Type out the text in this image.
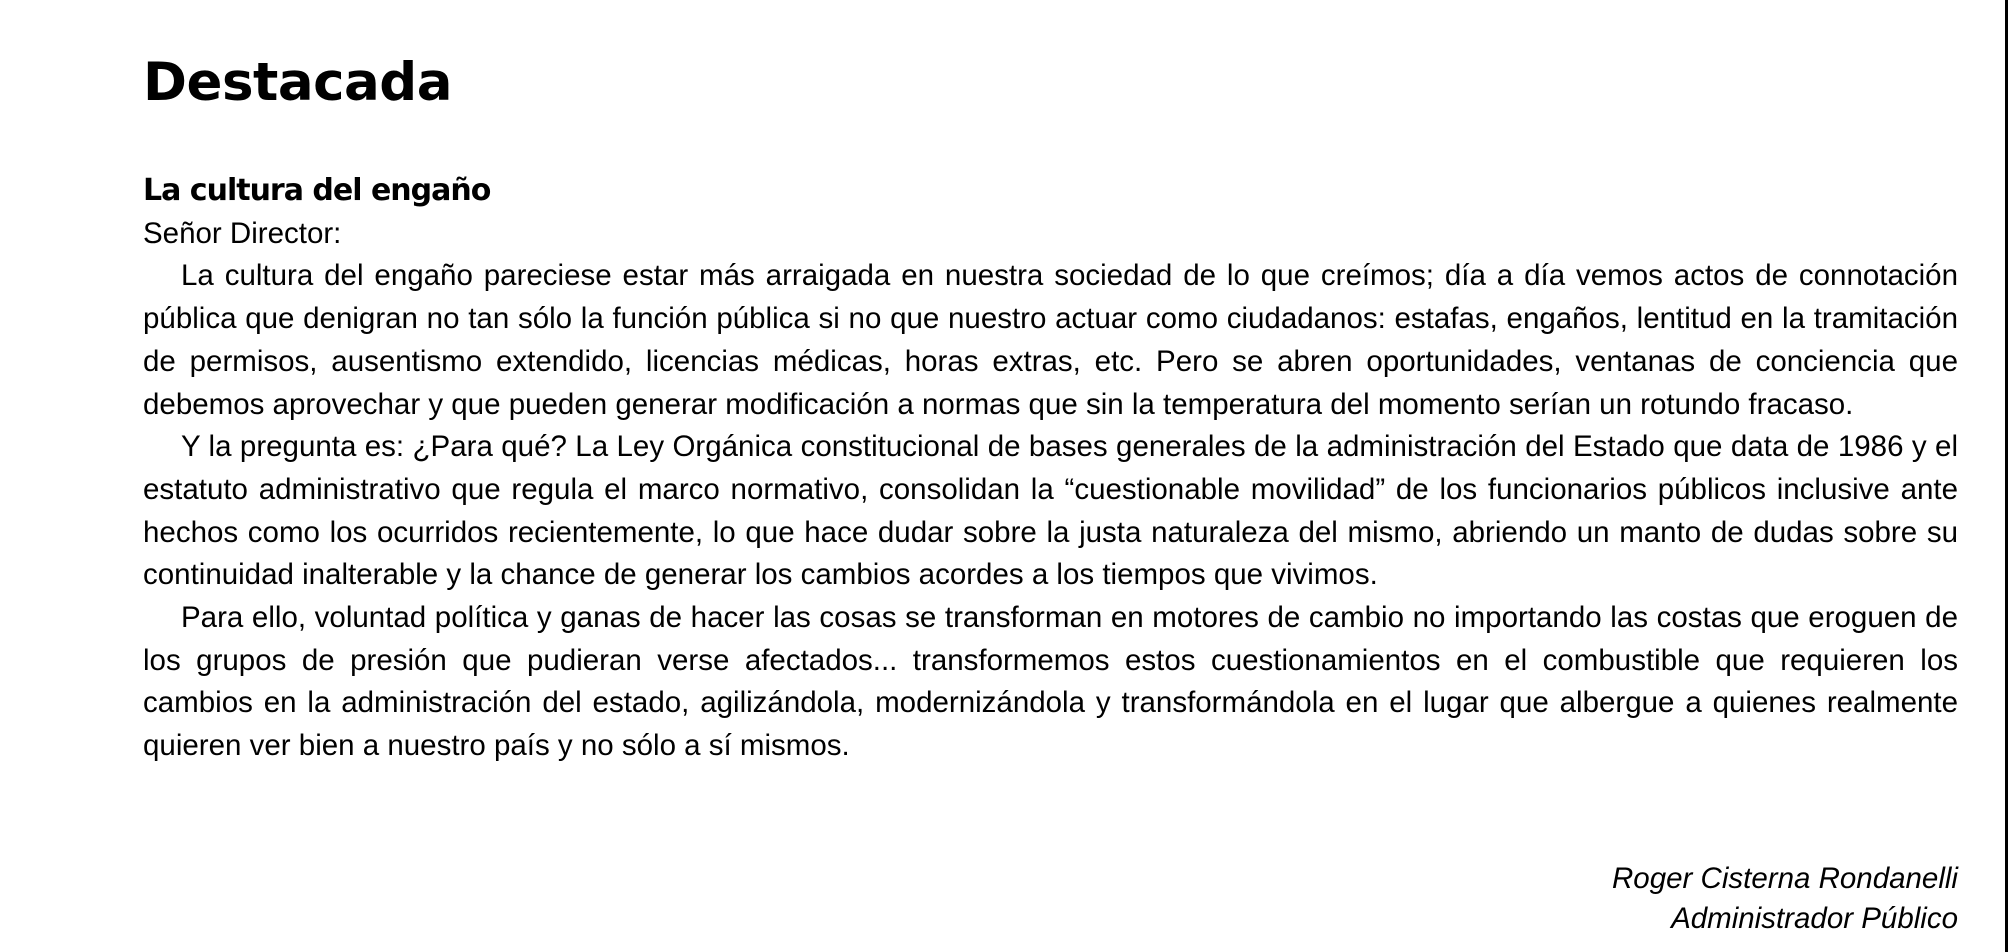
Destacada
La cultura del engaño

Señor Director:

La cultura del engaño pareciese estar más arraigada en nuestra sociedad de lo que creímos; día a día vemos actos de connotación pública que denigran no tan sólo la función pública si no que nuestro actuar como ciudadanos: estafas, engaños, lentitud en la tramitación de permisos, ausentismo extendido, licencias médicas, horas extras, etc. Pero se abren oportunidades, ventanas de conciencia que debemos aprovechar y que pueden generar modificación a normas que sin la temperatura del momento serían un rotundo fracaso.

Y la pregunta es: ¿Para qué? La Ley Orgánica constitucional de bases generales de la administración del Estado que data de 1986 y el estatuto administrativo que regula el marco normativo, consolidan la “cuestionable movilidad” de los funcionarios públicos inclusive ante hechos como los ocurridos recientemente, lo que hace dudar sobre la justa naturaleza del mismo, abriendo un manto de dudas sobre su continuidad inalterable y la chance de generar los cambios acordes a los tiempos que vivimos.

Para ello, voluntad política y ganas de hacer las cosas se transforman en motores de cambio no importando las costas que eroguen de los grupos de presión que pudieran verse afectados... transformemos estos cuestionamientos en el combustible que requieren los cambios en la administración del estado, agilizándola, modernizándola y transformándola en el lugar que albergue a quienes realmente quieren ver bien a nuestro país y no sólo a sí mismos.

Roger Cisterna Rondanelli
Administrador Público
